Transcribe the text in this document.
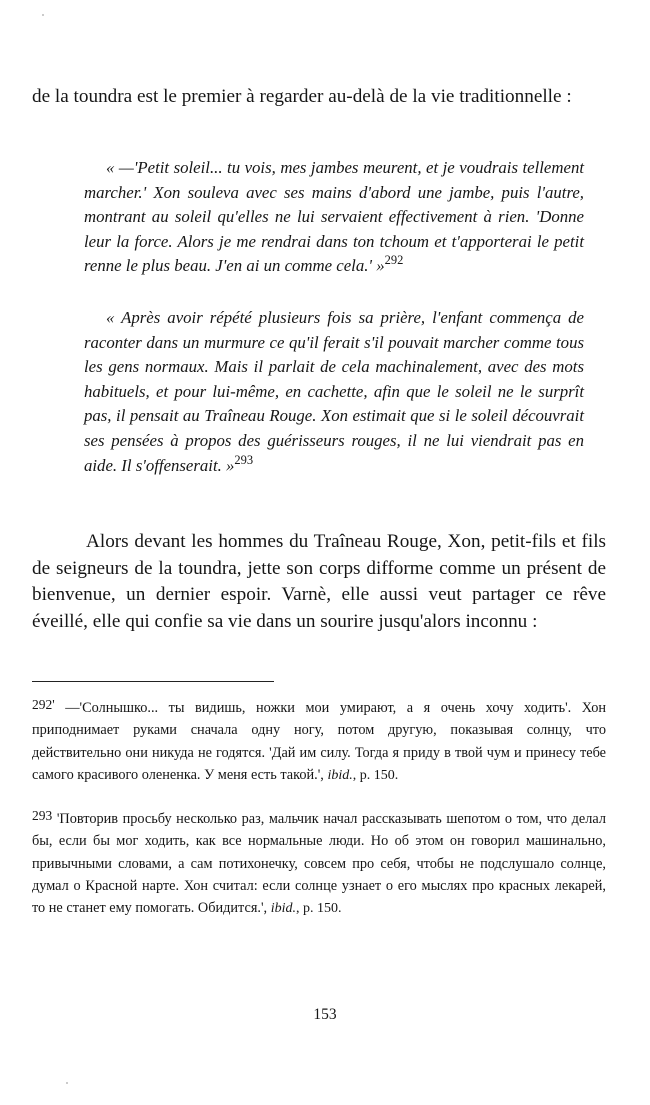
de la toundra est le premier à regarder au-delà de la vie traditionnelle :

« —'Petit soleil... tu vois, mes jambes meurent, et je voudrais tellement marcher.' Xon souleva avec ses mains d'abord une jambe, puis l'autre, montrant au soleil qu'elles ne lui servaient effectivement à rien. 'Donne leur la force. Alors je me rendrai dans ton tchoum et t'apporterai le petit renne le plus beau. J'en ai un comme cela.' »$^{292}$

« Après avoir répété plusieurs fois sa prière, l'enfant commença de raconter dans un murmure ce qu'il ferait s'il pouvait marcher comme tous les gens normaux. Mais il parlait de cela machinalement, avec des mots habituels, et pour lui-même, en cachette, afin que le soleil ne le surprît pas, il pensait au Traîneau Rouge. Xon estimait que si le soleil découvrait ses pensées à propos des guérisseurs rouges, il ne lui viendrait pas en aide. Il s'offenserait. »$^{293}$

Alors devant les hommes du Traîneau Rouge, Xon, petit-fils et fils de seigneurs de la toundra, jette son corps difforme comme un présent de bienvenue, un dernier espoir. Varnè, elle aussi veut partager ce rêve éveillé, elle qui confie sa vie dans un sourire jusqu'alors inconnu :

292' —'Солнышко... ты видишь, ножки мои умирают, а я очень хочу ходить'. Хон приподнимает руками сначала одну ногу, потом другую, показывая солнцу, что действительно они никуда не годятся. 'Дай им силу. Тогда я приду в твой чум и принесу тебе самого красивого олененка. У меня есть такой.', ibid., p. 150.

293 'Повторив просьбу несколько раз, мальчик начал рассказывать шепотом о том, что делал бы, если бы мог ходить, как все нормальные люди. Но об этом он говорил машинально, привычными словами, а сам потихонечку, совсем про себя, чтобы не подслушало солнце, думал о Красной нарте. Хон считал: если солнце узнает о его мыслях про красных лекарей, то не станет ему помогать. Обидится.', ibid., p. 150.

153
